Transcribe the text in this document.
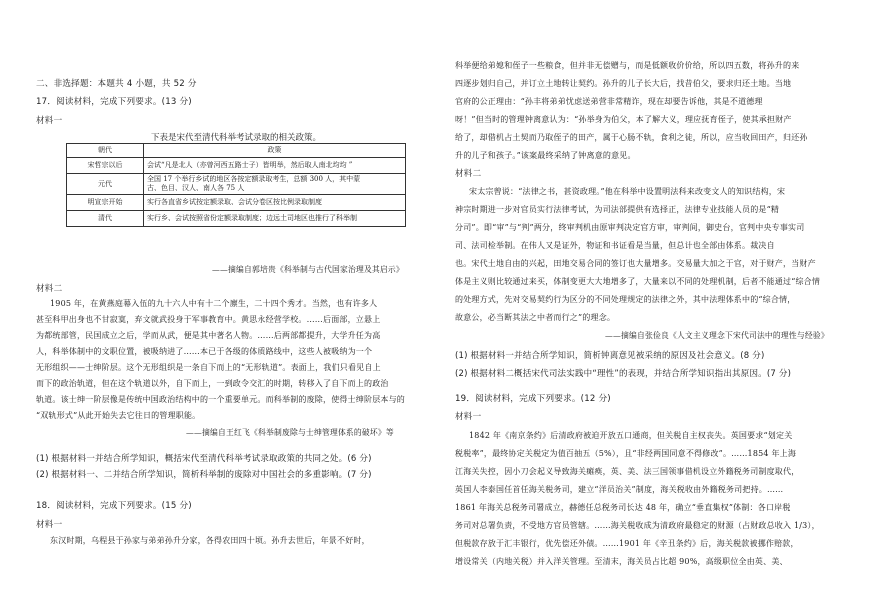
二、非选择题：本题共 4 小题，共 52 分
17．阅读材料，完成下列要求。(13 分)
材料一
下表是宋代至清代科举考试录取的相关政策。
朝代	政策
宋哲宗以后	会试“凡是北人（亦曾河西五路士子）皆明举，然后取人南北均均 ”
元代	全国 17 个举行乡试的地区各按定额录取考生，总额 300 人，其中蒙
古、色目、汉人、南人各 75 人

明宣宗开始	实行各直省乡试按定额录取、会试分卷区按比例录取制度
清代	实行乡、会试按照省份定额录取制度；边远土司地区也推行了科举制
——摘编自郭培贵《科举制与古代国家治理及其启示》
材料二
1905 年，在黄燕庭幕入伍的九十六人中有十二个廪生，二十四个秀才。当然，也有许多人
甚至科甲出身也不甘寂寞，弃文就武投身于军事教育中。黄思永经营学校。……后面部，立悬上
为都统部管，民国成立之后，学而从武，便是其中著名人物。……后两部都提升，大学升任为高
人，科举体制中的文职位置，被吸纳进了……本已于各级的体质路线中，这些人被吸纳为一个
无形组织——士绅阶层。这个无形组织是一条自下而上的“无形轨道”。表面上，我们只看见自上
而下的政治轨道，但在这个轨道以外，自下而上，一到政令交汇的时期，转移入了自下而上的政治
轨道。该士绅一阶层像是传统中国政治结构中的一个重要单元。而科举制的废除，使得士绅阶层本与的
“双轨形式”从此开始失去它往日的管理职能。
——摘编自王红飞《科举制废除与士绅管理体系的破坏》等
(1) 根据材料一并结合所学知识，概括宋代至清代科举考试录取政策的共同之处。(6 分)
(2) 根据材料一、二并结合所学知识，简析科举制的废除对中国社会的多重影响。(7 分)
18．阅读材料，完成下列要求。(15 分)
材料一
东汉时期，乌程县于孙家与弟弟孙升分家，各得农田四十顷。孙升去世后，年景不好时，
科举便给弟媳和侄子一些粮食，但并非无偿赠与，而是低额收价价给，所以四五数，将孙升的来
四逐步划归自己，并订立土地转让契约。孙升的儿子长大后，找昔伯父，要求归还土地。当地
官府的公正理由：“孙丰将弟弟忧虑送弟营非常精诈，现在却要告诉他，其是不道德理
呀！”但当时的管理钟离意认为：“孙举身为伯父，本了解大义，理应抚育侄子，使其承担财产
给了，却借机占土契而乃取侄子的田产，属于心肠不轨，食利之徒，所以，应当收回田产，归还孙
升的儿子和孩子。”该案最终采纳了钟离意的意见。
材料二
宋太宗曾说：“法律之书，甚资政理。”他在科举中设置明法科来改变文人的知识结构，宋
神宗时期进一步对官员实行法律考试，为司法部提供有选择正，法律专业技能人员的是“精
分司”。即“审”与“判”两分，终审判机由原审判决定官方审，审判间，御史台，官判中央专事实司
司、法司检举制。在伟人又是证外，物证和书证看是当量，但总计也全部由体系。裁决自
也。宋代土地自由的兴起，田地交易合同的签订也大量增多。交易量大加之于官，对于财产，当财产
体是主义则比较通过来买，体制变更大大地增多了，大量来以不同的处理机制，后者不能通过“综合情
的处理方式，先对交易契约行为区分的不同处理规定的法律之外，其中法理体系中的“综合情，
故意公，必当断其法之中者而行之”的理念。
——摘编自张俭良《人文主义理念下宋代司法中的理性与经验》
(1) 根据材料一并结合所学知识，简析钟离意见被采纳的原因及社会意义。(8 分)
(2) 根据材料二概括宋代司法实践中“理性”的表现，并结合所学知识指出其原因。(7 分)
19．阅读材料，完成下列要求。(12 分)
材料一
1842 年《南京条约》后清政府被迫开放五口通商，但关税自主权丧失。英国要求“划定关
税税率”，最终协定关税定为值百抽五（5%），且“非经两国同意不得修改”。……1854 年上海
江海关失控，因小刀会起义导致海关瘫痪，英、美、法三国领事借机设立外籍税务司制度取代，
英国人李泰国任首任海关税务司，建立“洋员治关”制度，海关税收由外籍税务司把持。……
1861 年海关总税务司署成立，赫德任总税务司长达 48 年，确立“垂直集权”体制：各口岸税
务司对总署负责，不受地方官员管辖。……海关税收成为清政府最稳定的财源（占财政总收入 1/3），
但税款存放于汇丰银行，优先偿还外债。……1901 年《辛丑条约》后，海关税款被挪作赔款，
增设常关（内地关税）并入洋关管理。至清末，海关员占比超 90%，高级职位全由英、美、
